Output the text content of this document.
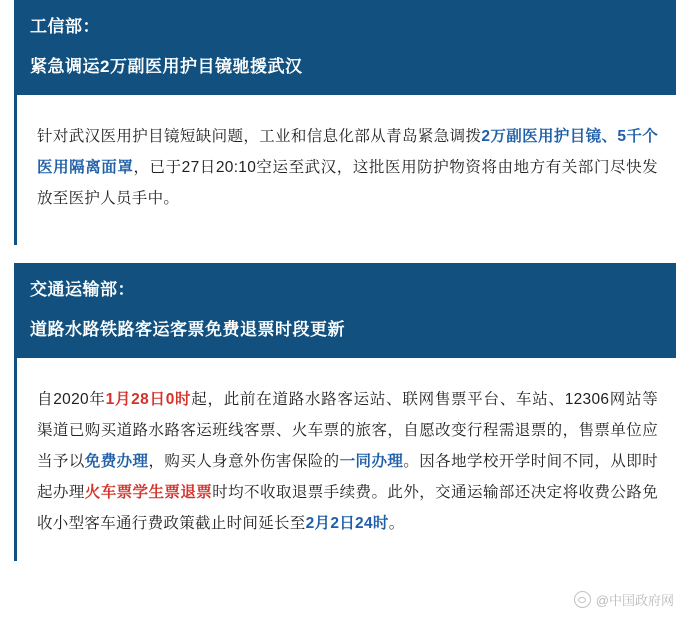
工信部：
紧急调运2万副医用护目镜驰援武汉

针对武汉医用护目镜短缺问题，工业和信息化部从青岛紧急调拨2万副医用护目镜、5千个医用隔离面罩，已于27日20:10空运至武汉，这批医用防护物资将由地方有关部门尽快发放至医护人员手中。

交通运输部：
道路水路铁路客运客票免费退票时段更新

自2020年1月28日0时起，此前在道路水路客运站、联网售票平台、车站、12306网站等渠道已购买道路水路客运班线客票、火车票的旅客，自愿改变行程需退票的，售票单位应当予以免费办理，购买人身意外伤害保险的一同办理。因各地学校开学时间不同，从即时起办理火车票学生票退票时均不收取退票手续费。此外，交通运输部还决定将收费公路免收小型客车通行费政策截止时间延长至2月2日24时。

@中国政府网
